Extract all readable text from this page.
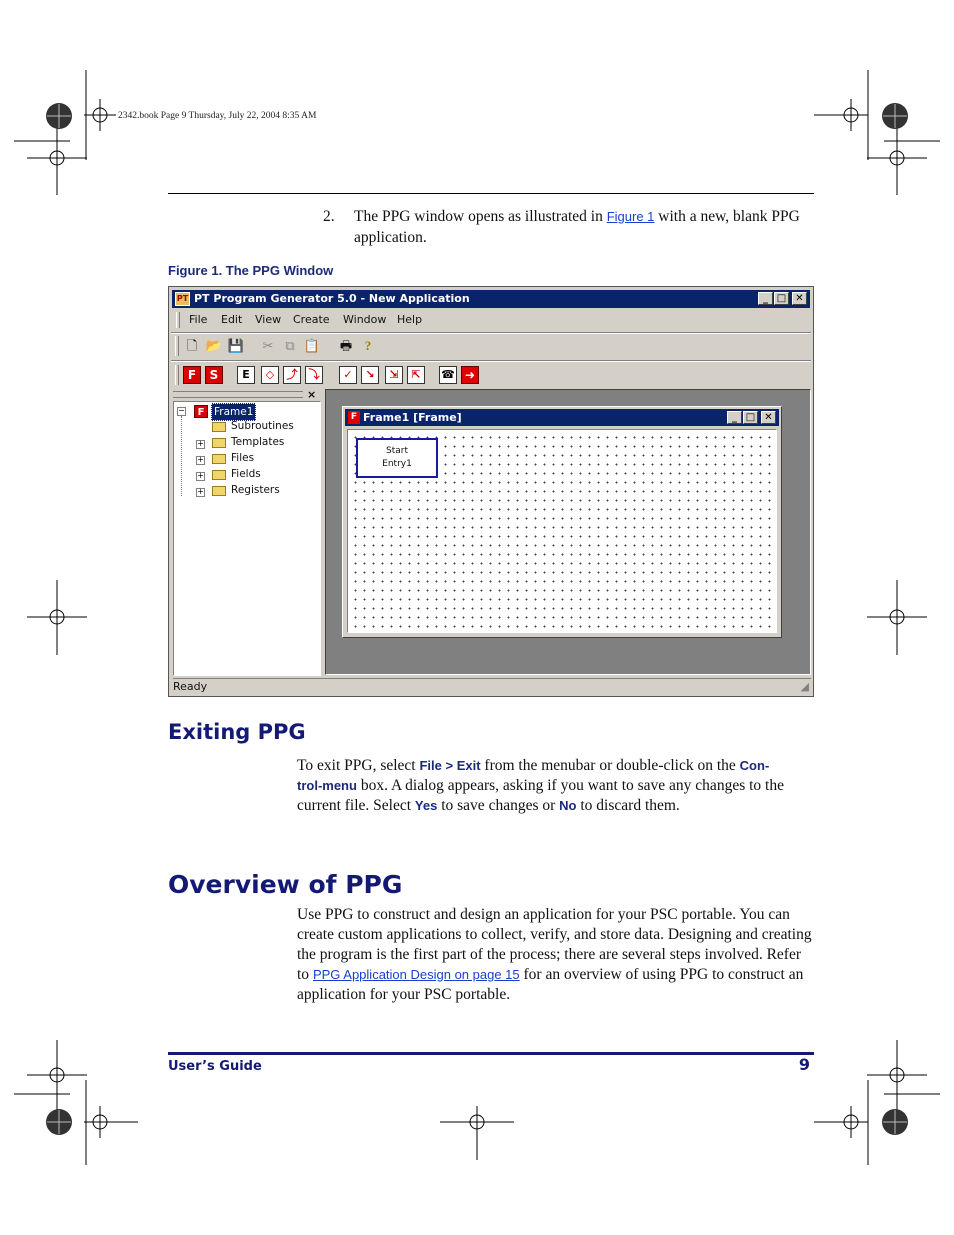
2342.book Page 9 Thursday, July 22, 2004 8:35 AM
2. The PPG window opens as illustrated in Figure 1 with a new, blank PPG application.
Figure 1. The PPG Window
PT PT Program Generator 5.0 - New Application	_ □ ✕
File Edit View Create Window Help
🗋 📂 💾 ✂ ⧉ 📋 🖶 ?
F	S	E	◇	⤴	⤵	✓	↘	⇲	⇱	☎ ➜
×
−	F Frame1
Subroutines
+	Templates
+	Files
+	Fields
+	Registers
F Frame1 [Frame]	_ □ ✕
Start
Entry1
Ready	◢
Exiting PPG
To exit PPG, select File > Exit from the menubar or double-click on the Con-
trol-menu box. A dialog appears, asking if you want to save any changes to the current file. Select Yes to save changes or No to discard them.
Overview of PPG
Use PPG to construct and design an application for your PSC portable. You can create custom applications to collect, verify, and store data. Designing and creating the program is the first part of the process; there are several steps involved. Refer to PPG Application Design on page 15 for an overview of using PPG to construct an application for your PSC portable.
User’s Guide	9
